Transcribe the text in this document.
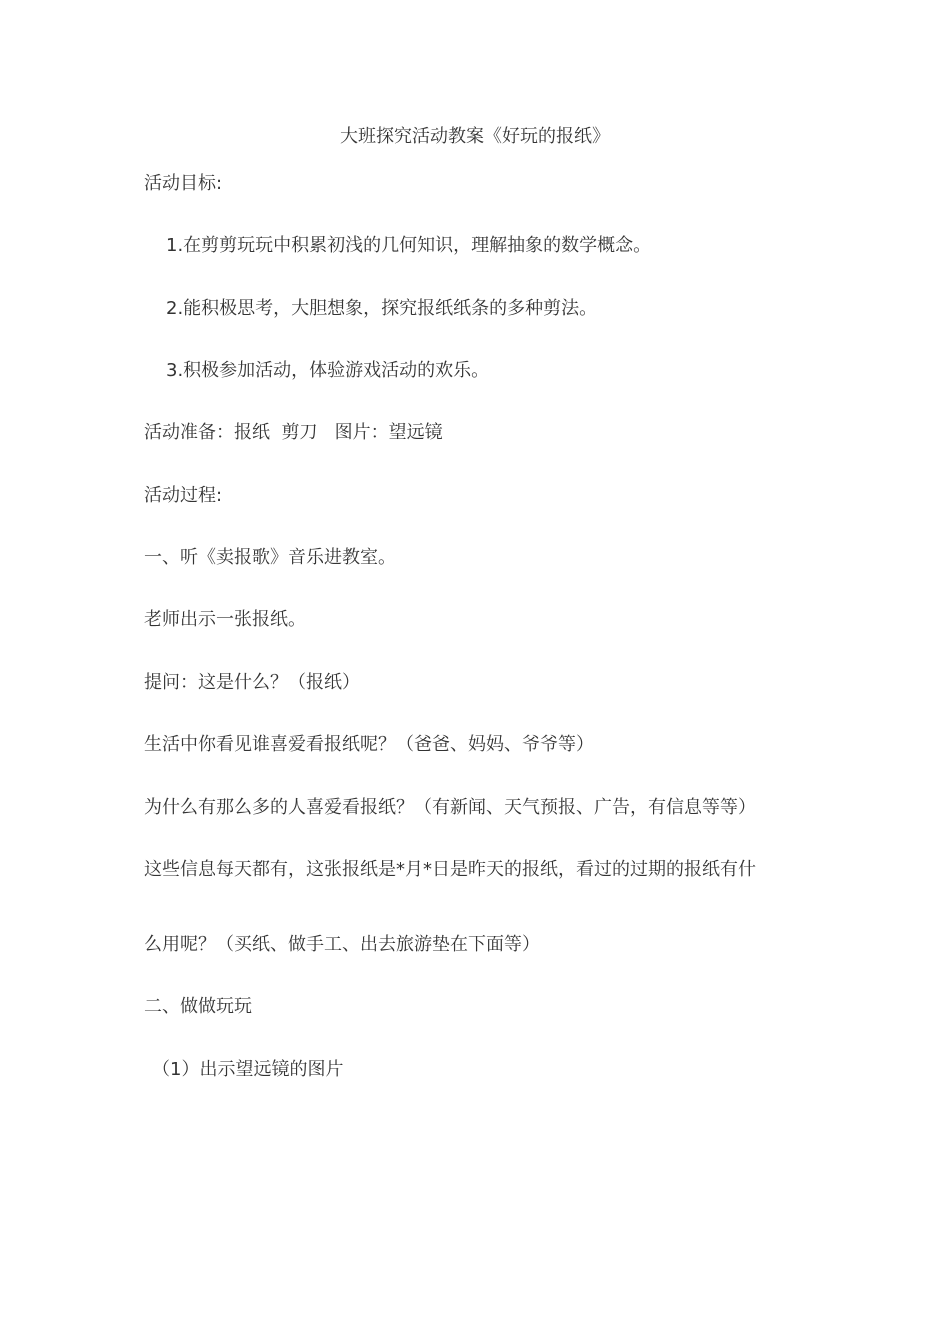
大班探究活动教案《好玩的报纸》
活动目标:
1.在剪剪玩玩中积累初浅的几何知识，理解抽象的数学概念。
2.能积极思考，大胆想象，探究报纸纸条的多种剪法。
3.积极参加活动，体验游戏活动的欢乐。
活动准备：报纸  剪刀   图片：望远镜
活动过程:
一、听《卖报歌》音乐进教室。
老师出示一张报纸。
提问：这是什么？（报纸）
生活中你看见谁喜爱看报纸呢？（爸爸、妈妈、爷爷等）
为什么有那么多的人喜爱看报纸？（有新闻、天气预报、广告，有信息等等）
这些信息每天都有，这张报纸是*月*日是昨天的报纸，看过的过期的报纸有什
么用呢？（买纸、做手工、出去旅游垫在下面等）
二、做做玩玩
（1）出示望远镜的图片
